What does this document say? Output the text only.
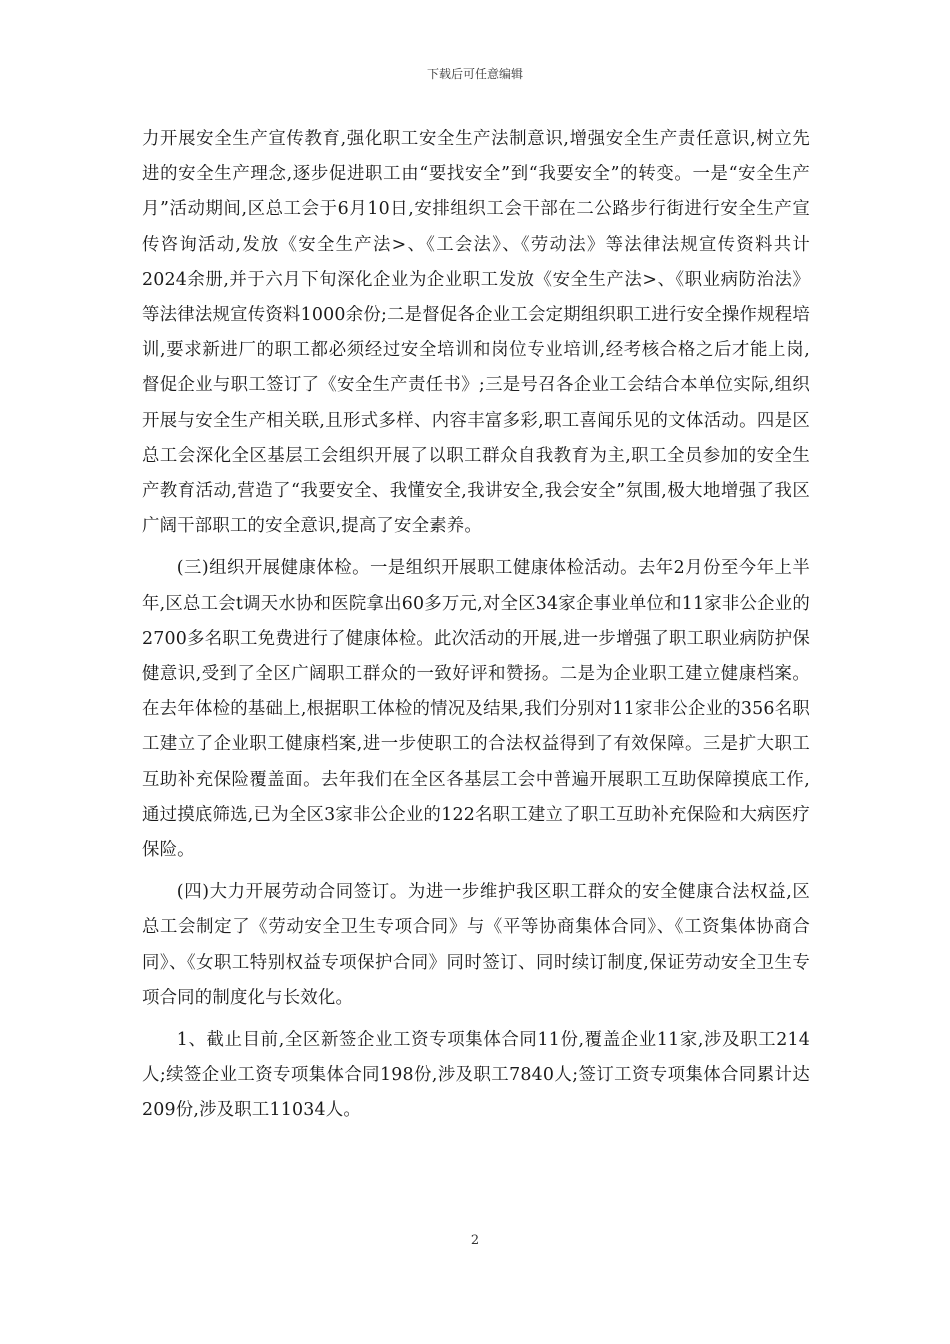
下载后可任意编辑

力开展安全生产宣传教育,强化职工安全生产法制意识,增强安全生产责任意识,树立先进的安全生产理念,逐步促进职工由“要找安全”到“我要安全”的转变。一是“安全生产月”活动期间,区总工会于6月10日,安排组织工会干部在二公路步行街进行安全生产宣传咨询活动,发放《安全生产法>、《工会法》、《劳动法》等法律法规宣传资料共计2024余册,并于六月下旬深化企业为企业职工发放《安全生产法>、《职业病防治法》等法律法规宣传资料1000余份;二是督促各企业工会定期组织职工进行安全操作规程培训,要求新进厂的职工都必须经过安全培训和岗位专业培训,经考核合格之后才能上岗,督促企业与职工签订了《安全生产责任书》;三是号召各企业工会结合本单位实际,组织开展与安全生产相关联,且形式多样、内容丰富多彩,职工喜闻乐见的文体活动。四是区总工会深化全区基层工会组织开展了以职工群众自我教育为主,职工全员参加的安全生产教育活动,营造了“我要安全、我懂安全,我讲安全,我会安全”氛围,极大地增强了我区广阔干部职工的安全意识,提高了安全素养。

(三)组织开展健康体检。一是组织开展职工健康体检活动。去年2月份至今年上半年,区总工会t调天水协和医院拿出60多万元,对全区34家企事业单位和11家非公企业的2700多名职工免费进行了健康体检。此次活动的开展,进一步增强了职工职业病防护保健意识,受到了全区广阔职工群众的一致好评和赞扬。二是为企业职工建立健康档案。在去年体检的基础上,根据职工体检的情况及结果,我们分别对11家非公企业的356名职工建立了企业职工健康档案,进一步使职工的合法权益得到了有效保障。三是扩大职工互助补充保险覆盖面。去年我们在全区各基层工会中普遍开展职工互助保障摸底工作,通过摸底筛选,已为全区3家非公企业的122名职工建立了职工互助补充保险和大病医疗保险。

(四)大力开展劳动合同签订。为进一步维护我区职工群众的安全健康合法权益,区总工会制定了《劳动安全卫生专项合同》与《平等协商集体合同》、《工资集体协商合同》、《女职工特别权益专项保护合同》同时签订、同时续订制度,保证劳动安全卫生专项合同的制度化与长效化。

1、截止目前,全区新签企业工资专项集体合同11份,覆盖企业11家,涉及职工214人;续签企业工资专项集体合同198份,涉及职工7840人;签订工资专项集体合同累计达209份,涉及职工11034人。

2
